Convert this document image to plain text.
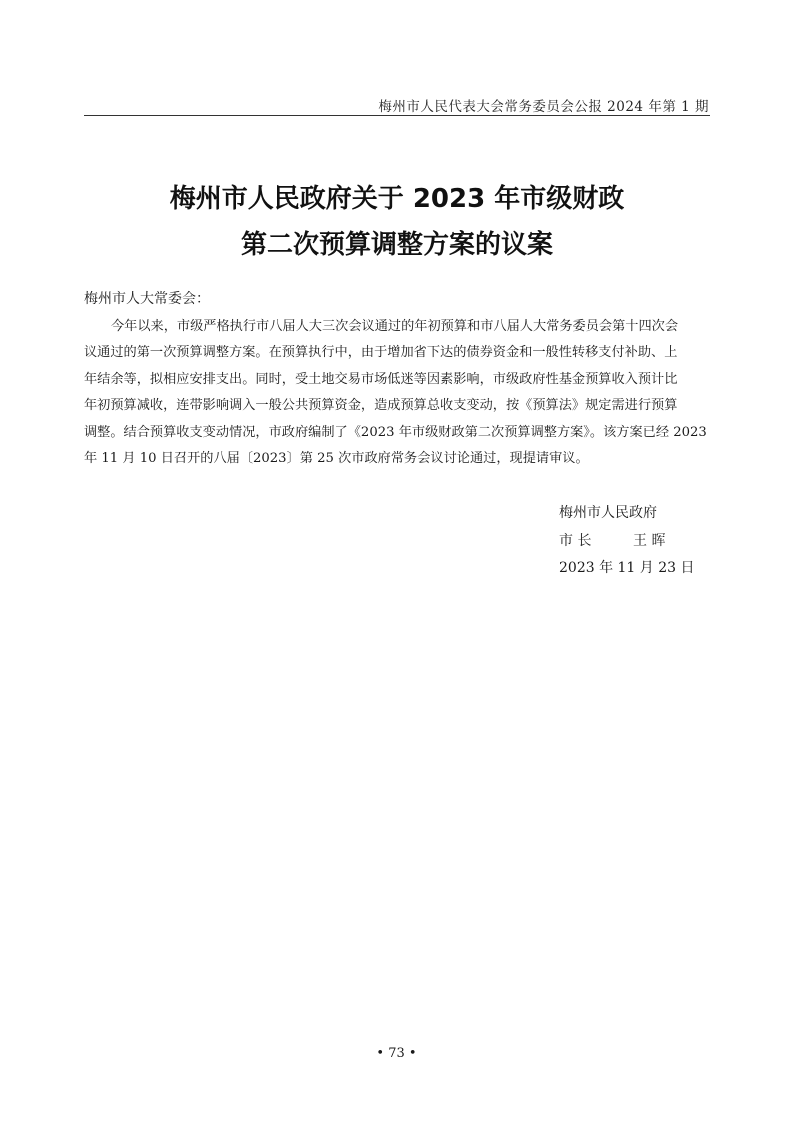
梅州市人民代表大会常务委员会公报 2024 年第 1 期
梅州市人民政府关于 2023 年市级财政
第二次预算调整方案的议案
梅州市人大常委会：
今年以来，市级严格执行市八届人大三次会议通过的年初预算和市八届人大常务委员会第十四次会
议通过的第一次预算调整方案。在预算执行中，由于增加省下达的债券资金和一般性转移支付补助、上
年结余等，拟相应安排支出。同时，受土地交易市场低迷等因素影响，市级政府性基金预算收入预计比
年初预算减收，连带影响调入一般公共预算资金，造成预算总收支变动，按《预算法》规定需进行预算
调整。结合预算收支变动情况，市政府编制了《2023 年市级财政第二次预算调整方案》。该方案已经 2023
年 11 月 10 日召开的八届〔2023〕第 25 次市政府常务会议讨论通过，现提请审议。
梅州市人民政府
市 长	王 晖
2023 年 11 月 23 日
• 73 •
